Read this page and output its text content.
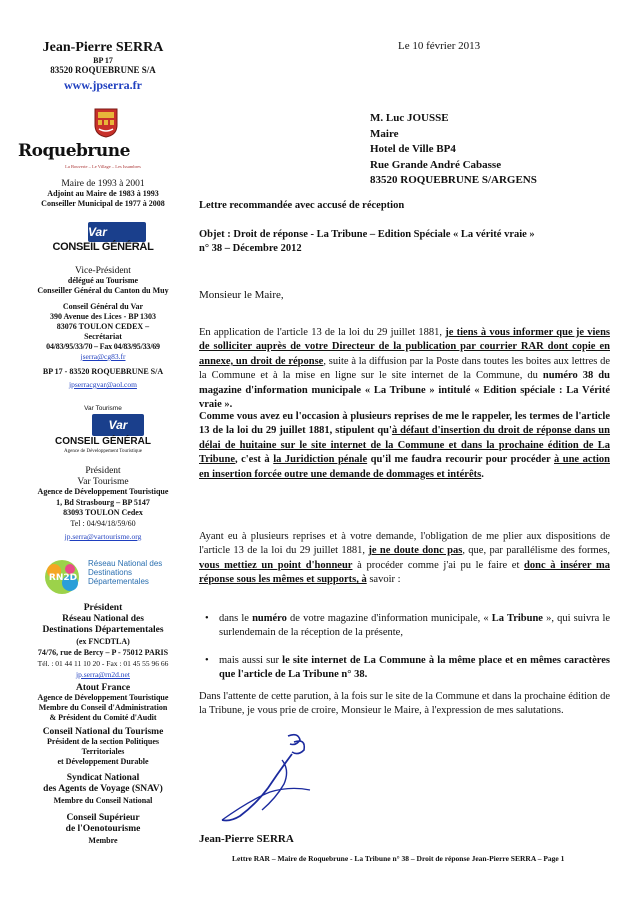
Jean-Pierre SERRA
BP 17
83520 ROQUEBRUNE S/A
www.jpserra.fr
Roquebrune
La Bouverie – Le Village – Les Issambres
Maire de 1993 à 2001
Adjoint au Maire de 1983 à 1993
Conseiller Municipal de 1977 à 2008
Var
CONSEIL GÉNÉRAL
Vice-Président
délégué au Tourisme
Conseiller Général du Canton du Muy
Conseil Général du Var
390 Avenue des Lices - BP 1303
83076 TOULON CEDEX –
Secrétariat
04/83/95/33/70 – Fax 04/83/95/33/69
jserra@cg83.fr
BP 17 - 83520 ROQUEBRUNE S/A
jpserracgvar@aol.com
Var Tourisme
Var
CONSEIL GÉNÉRAL
Agence de Développement Touristique
Président
Var Tourisme
Agence de Développement Touristique
1, Bd Strasbourg – BP 5147
83093 TOULON Cedex
Tel : 04/94/18/59/60
jp.serra@vartourisme.org
RN2D
Réseau National des Destinations Départementales
Président
Réseau National des
Destinations Départementales
(ex FNCDTLA)
74/76, rue de Bercy – P - 75012 PARIS
Tél. : 01 44 11 10 20 - Fax : 01 45 55 96 66
jp.serra@rn2d.net
Atout France
Agence de Développement Touristique
Membre du Conseil d'Administration
& Président du Comité d'Audit
Conseil National du Tourisme
Président de la section Politiques
Territoriales
et Développement Durable
Syndicat National
des Agents de Voyage (SNAV)
Membre du Conseil National
Conseil Supérieur
de l'Oenotourisme
Membre
Le 10 février 2013
M. Luc JOUSSE
Maire
Hotel de Ville BP4
Rue Grande André Cabasse
83520 ROQUEBRUNE S/ARGENS
Lettre recommandée avec accusé de réception
Objet : Droit de réponse - La Tribune – Edition Spéciale « La vérité vraie »
n° 38 – Décembre 2012
Monsieur le Maire,
En application de l'article 13 de la loi du 29 juillet 1881, je tiens à vous informer que je viens de solliciter auprès de votre Directeur de la publication par courrier RAR dont copie en annexe, un droit de réponse, suite à la diffusion par la Poste dans toutes les boites aux lettres de la Commune et à la mise en ligne sur le site internet de la Commune, du numéro 38 du magazine d'information municipale « La Tribune » intitulé « Edition spéciale : La Vérité vraie ».
Comme vous avez eu l'occasion à plusieurs reprises de me le rappeler, les termes de l'article 13 de la loi du 29 juillet 1881, stipulent qu'à défaut d'insertion du droit de réponse dans un délai de huitaine sur le site internet de la Commune et dans la prochaine édition de La Tribune, c'est à la Juridiction pénale qu'il me faudra recourir pour procéder à une action en insertion forcée outre une demande de dommages et intérêts.
Ayant eu à plusieurs reprises et à votre demande, l'obligation de me plier aux dispositions de l'article 13 de la loi du 29 juillet 1881, je ne doute donc pas, que, par parallélisme des formes, vous mettiez un point d'honneur à procéder comme j'ai pu le faire et donc à insérer ma réponse sous les mêmes et supports, à savoir :
• dans le numéro de votre magazine d'information municipale, « La Tribune », qui suivra le surlendemain de la réception de la présente,
• mais aussi sur le site internet de La Commune à la même place et en mêmes caractères que l'article de La Tribune n° 38.
Dans l'attente de cette parution, à la fois sur le site de la Commune et dans la prochaine édition de la Tribune, je vous prie de croire, Monsieur le Maire, à l'expression de mes salutations.
Jean-Pierre SERRA
Lettre RAR – Maire de Roquebrune - La Tribune n° 38 – Droit de réponse Jean-Pierre SERRA – Page 1
